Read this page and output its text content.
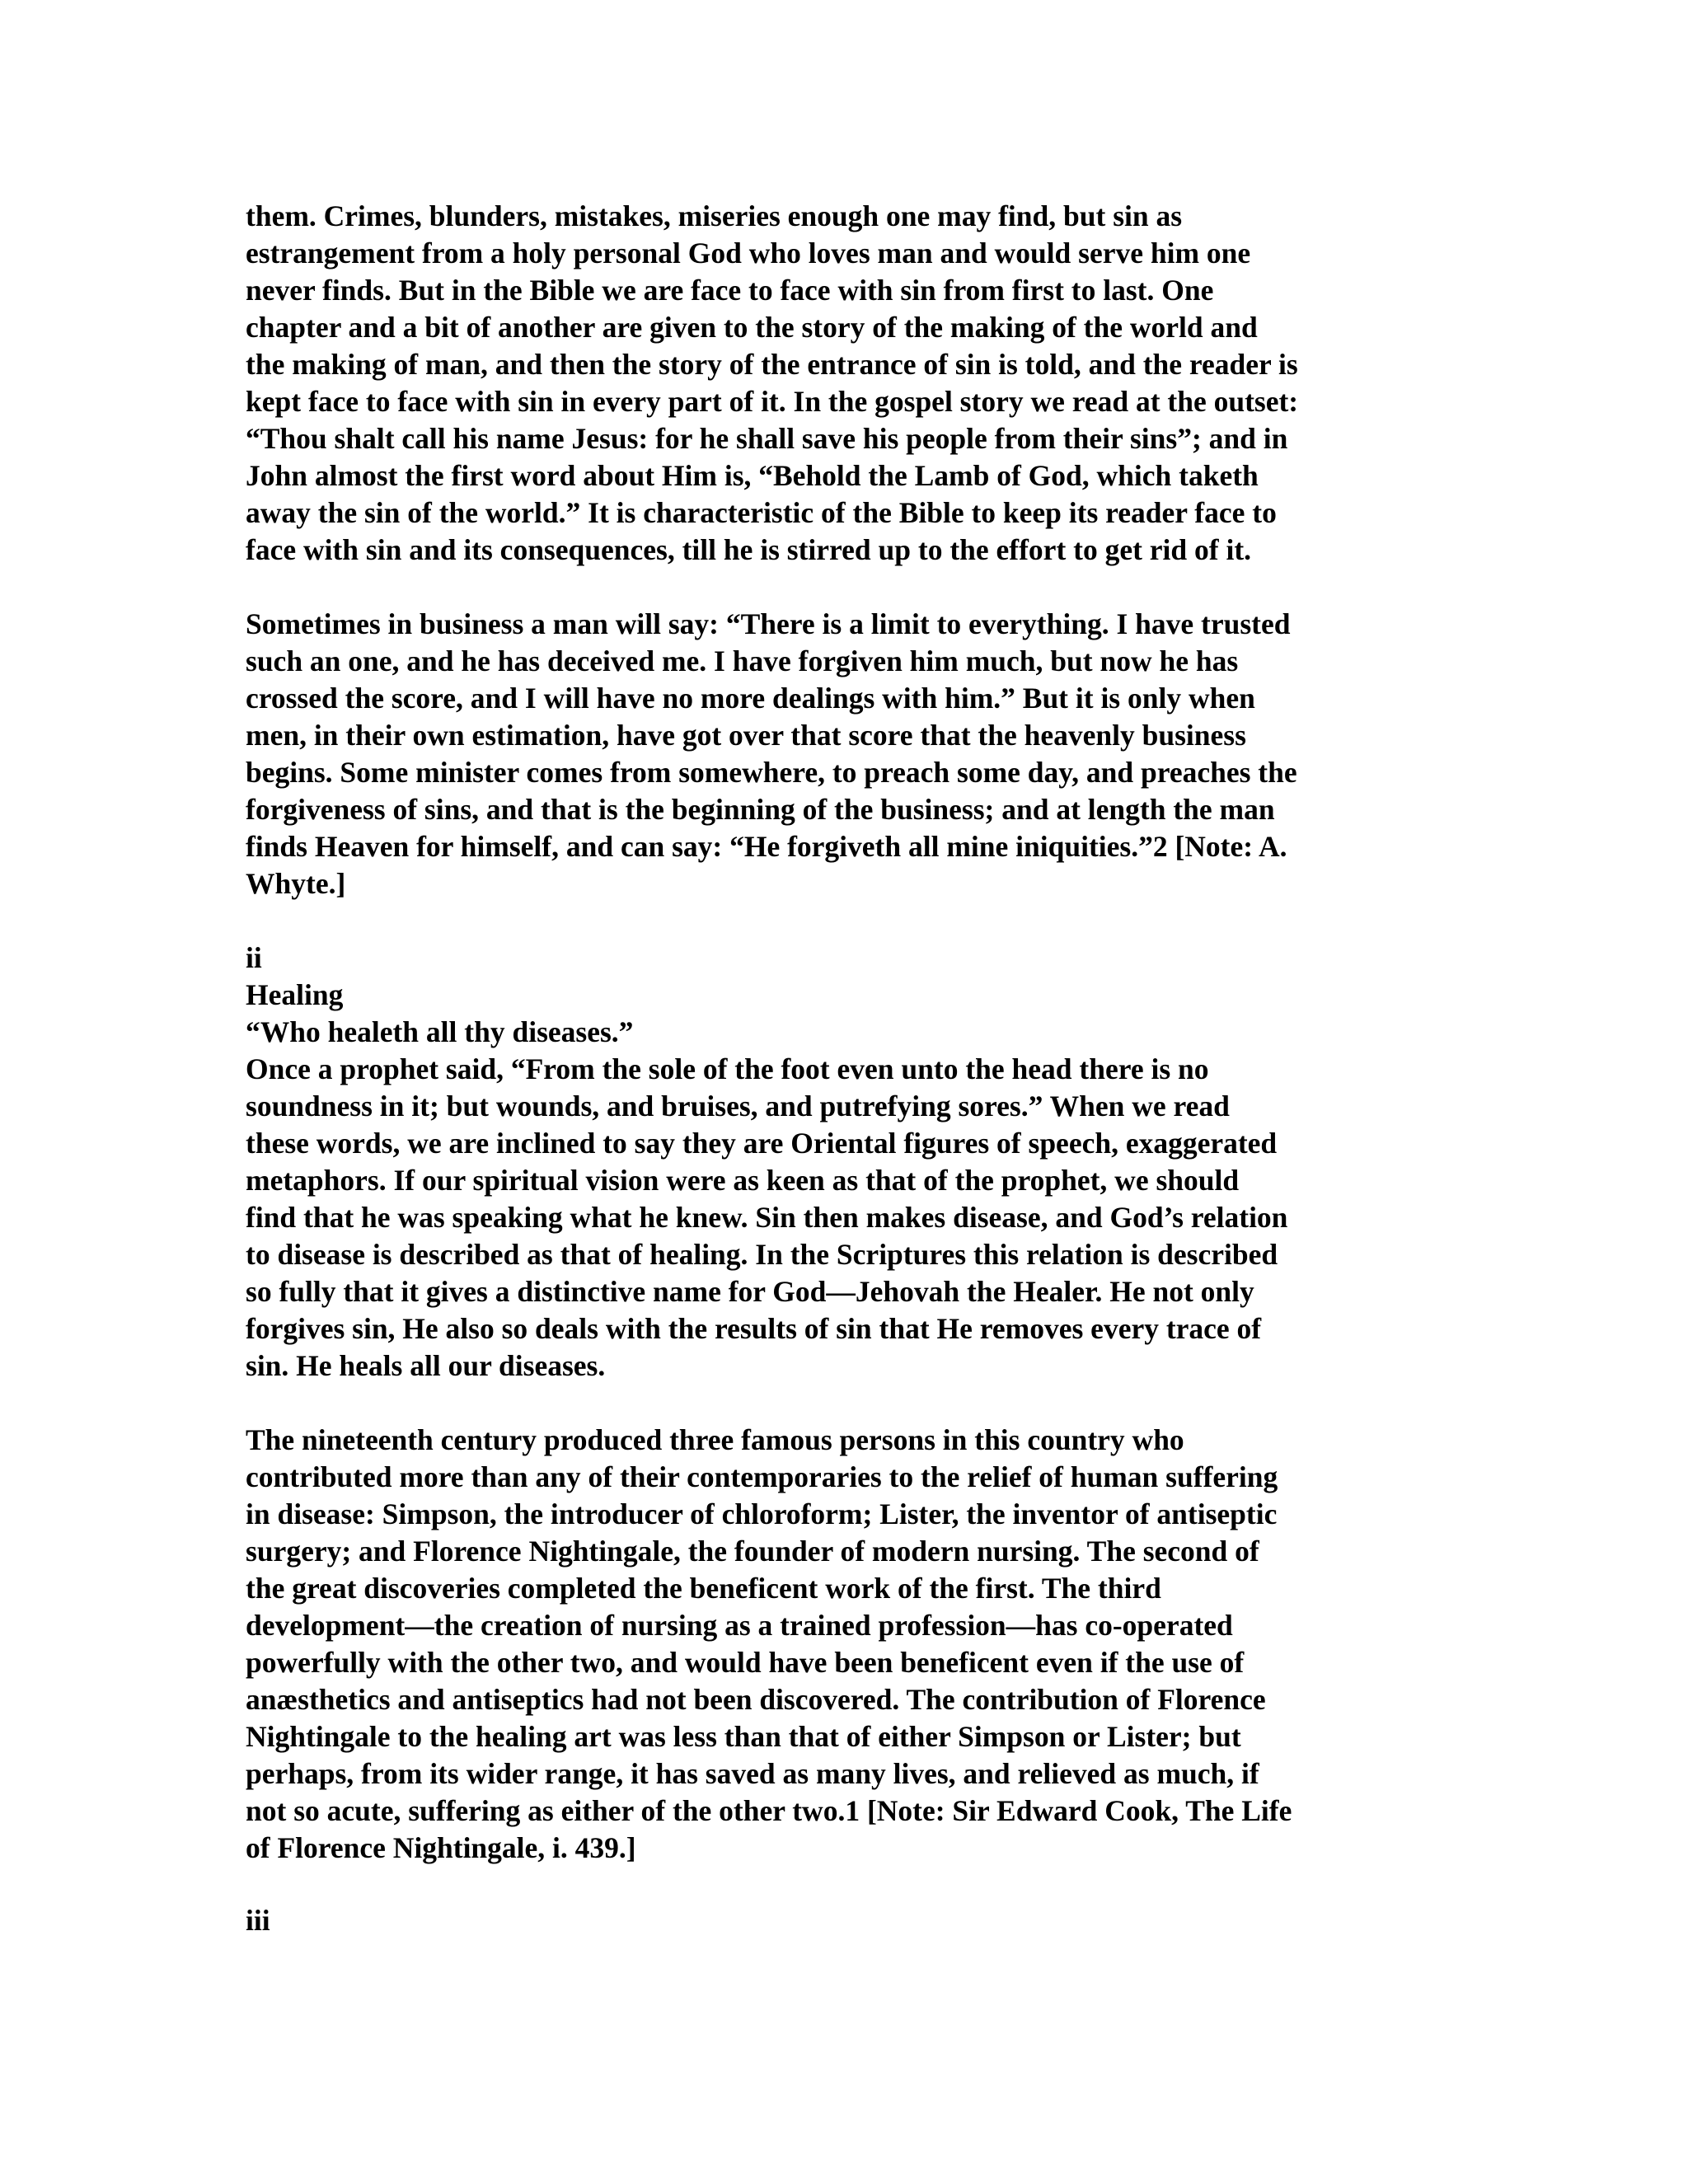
them. Crimes, blunders, mistakes, miseries enough one may find, but sin as
estrangement from a holy personal God who loves man and would serve him one
never finds. But in the Bible we are face to face with sin from first to last. One
chapter and a bit of another are given to the story of the making of the world and
the making of man, and then the story of the entrance of sin is told, and the reader is
kept face to face with sin in every part of it. In the gospel story we read at the outset:
“Thou shalt call his name Jesus: for he shall save his people from their sins”; and in
John almost the first word about Him is, “Behold the Lamb of God, which taketh
away the sin of the world.” It is characteristic of the Bible to keep its reader face to
face with sin and its consequences, till he is stirred up to the effort to get rid of it.

Sometimes in business a man will say: “There is a limit to everything. I have trusted
such an one, and he has deceived me. I have forgiven him much, but now he has
crossed the score, and I will have no more dealings with him.” But it is only when
men, in their own estimation, have got over that score that the heavenly business
begins. Some minister comes from somewhere, to preach some day, and preaches the
forgiveness of sins, and that is the beginning of the business; and at length the man
finds Heaven for himself, and can say: “He forgiveth all mine iniquities.”2 [Note: A.
Whyte.]

ii

Healing

“Who healeth all thy diseases.”

Once a prophet said, “From the sole of the foot even unto the head there is no
soundness in it; but wounds, and bruises, and putrefying sores.” When we read
these words, we are inclined to say they are Oriental figures of speech, exaggerated
metaphors. If our spiritual vision were as keen as that of the prophet, we should
find that he was speaking what he knew. Sin then makes disease, and God’s relation
to disease is described as that of healing. In the Scriptures this relation is described
so fully that it gives a distinctive name for God—Jehovah the Healer. He not only
forgives sin, He also so deals with the results of sin that He removes every trace of
sin. He heals all our diseases.

The nineteenth century produced three famous persons in this country who
contributed more than any of their contemporaries to the relief of human suffering
in disease: Simpson, the introducer of chloroform; Lister, the inventor of antiseptic
surgery; and Florence Nightingale, the founder of modern nursing. The second of
the great discoveries completed the beneficent work of the first. The third
development—the creation of nursing as a trained profession—has co-operated
powerfully with the other two, and would have been beneficent even if the use of
anæsthetics and antiseptics had not been discovered. The contribution of Florence
Nightingale to the healing art was less than that of either Simpson or Lister; but
perhaps, from its wider range, it has saved as many lives, and relieved as much, if
not so acute, suffering as either of the other two.1 [Note: Sir Edward Cook, The Life
of Florence Nightingale, i. 439.]

iii
